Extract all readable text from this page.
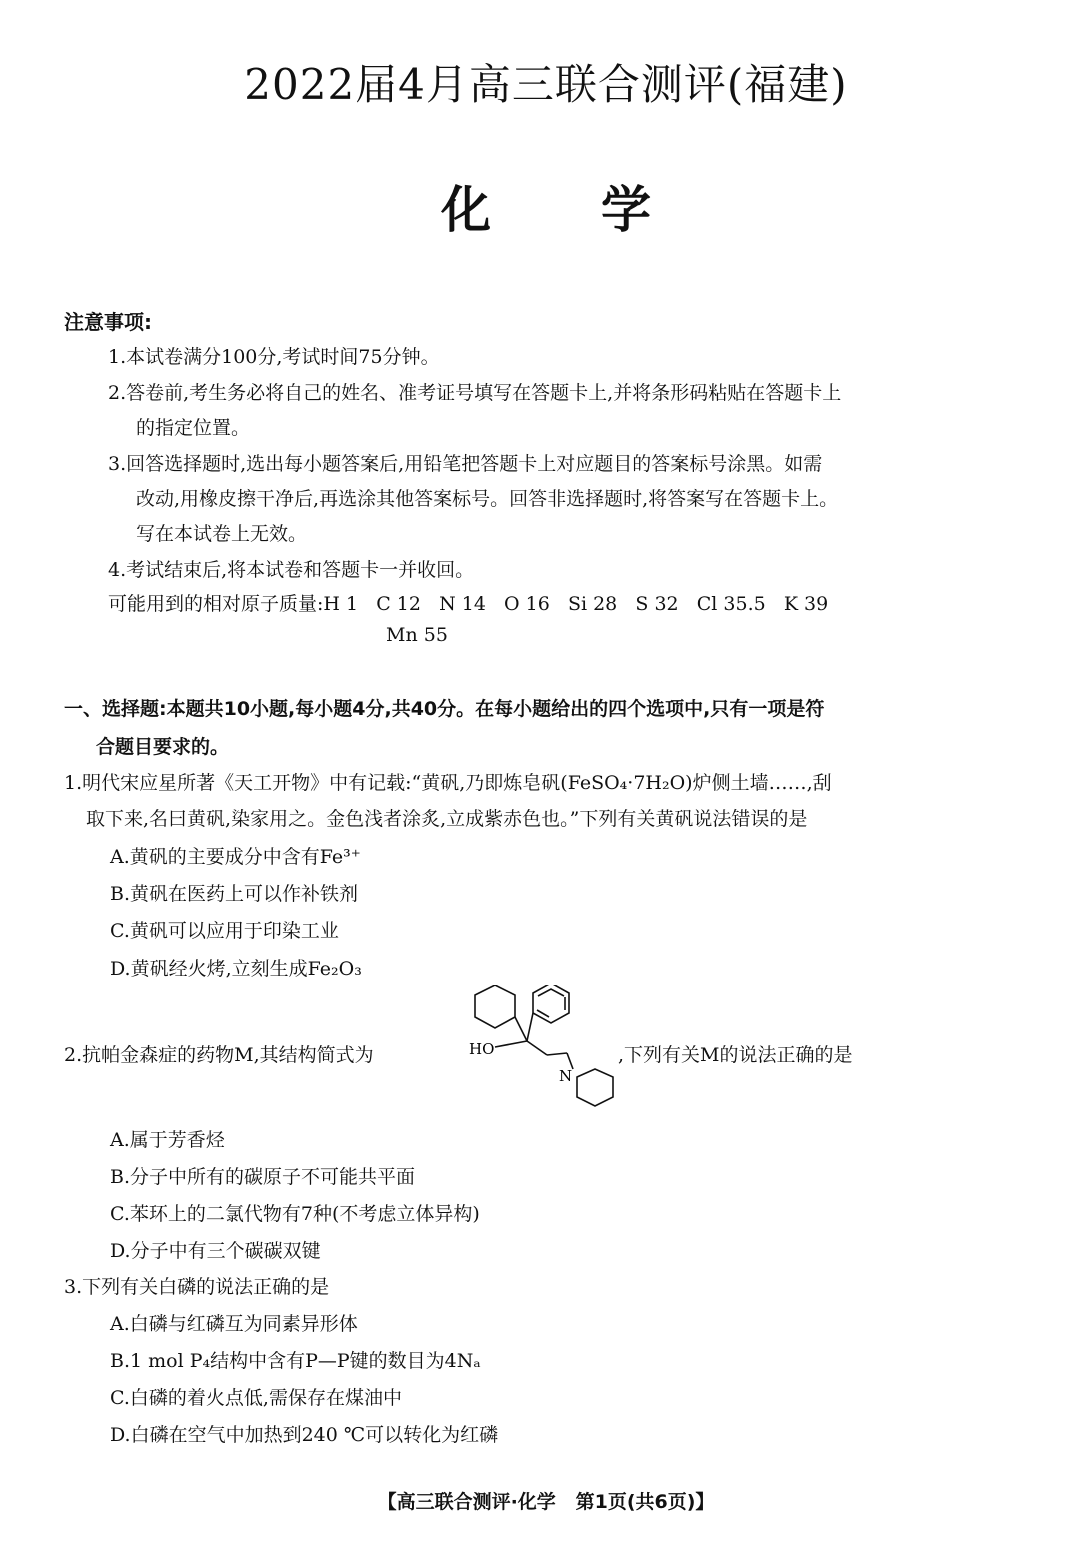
2022届4月高三联合测评(福建)
化 学
注意事项:
1.本试卷满分100分,考试时间75分钟。
2.答卷前,考生务必将自己的姓名、准考证号填写在答题卡上,并将条形码粘贴在答题卡上
的指定位置。
3.回答选择题时,选出每小题答案后,用铅笔把答题卡上对应题目的答案标号涂黑。如需
改动,用橡皮擦干净后,再选涂其他答案标号。回答非选择题时,将答案写在答题卡上。
写在本试卷上无效。
4.考试结束后,将本试卷和答题卡一并收回。
可能用到的相对原子质量:H 1   C 12   N 14   O 16   Si 28   S 32   Cl 35.5   K 39
Mn 55
一、选择题:本题共10小题,每小题4分,共40分。在每小题给出的四个选项中,只有一项是符
合题目要求的。
1.明代宋应星所著《天工开物》中有记载:“黄矾,乃即炼皂矾(FeSO₄·7H₂O)炉侧土墙……,刮
取下来,名曰黄矾,染家用之。金色浅者涂炙,立成紫赤色也。”下列有关黄矾说法错误的是
A.黄矾的主要成分中含有Fe³⁺
B.黄矾在医药上可以作补铁剂
C.黄矾可以应用于印染工业
D.黄矾经火烤,立刻生成Fe₂O₃
2.抗帕金森症的药物M,其结构简式为	HO
N
,下列有关M的说法正确的是
A.属于芳香烃
B.分子中所有的碳原子不可能共平面
C.苯环上的二氯代物有7种(不考虑立体异构)
D.分子中有三个碳碳双键
3.下列有关白磷的说法正确的是
A.白磷与红磷互为同素异形体
B.1 mol P₄结构中含有P—P键的数目为4Nₐ
C.白磷的着火点低,需保存在煤油中
D.白磷在空气中加热到240 ℃可以转化为红磷
【高三联合测评·化学   第1页(共6页)】
